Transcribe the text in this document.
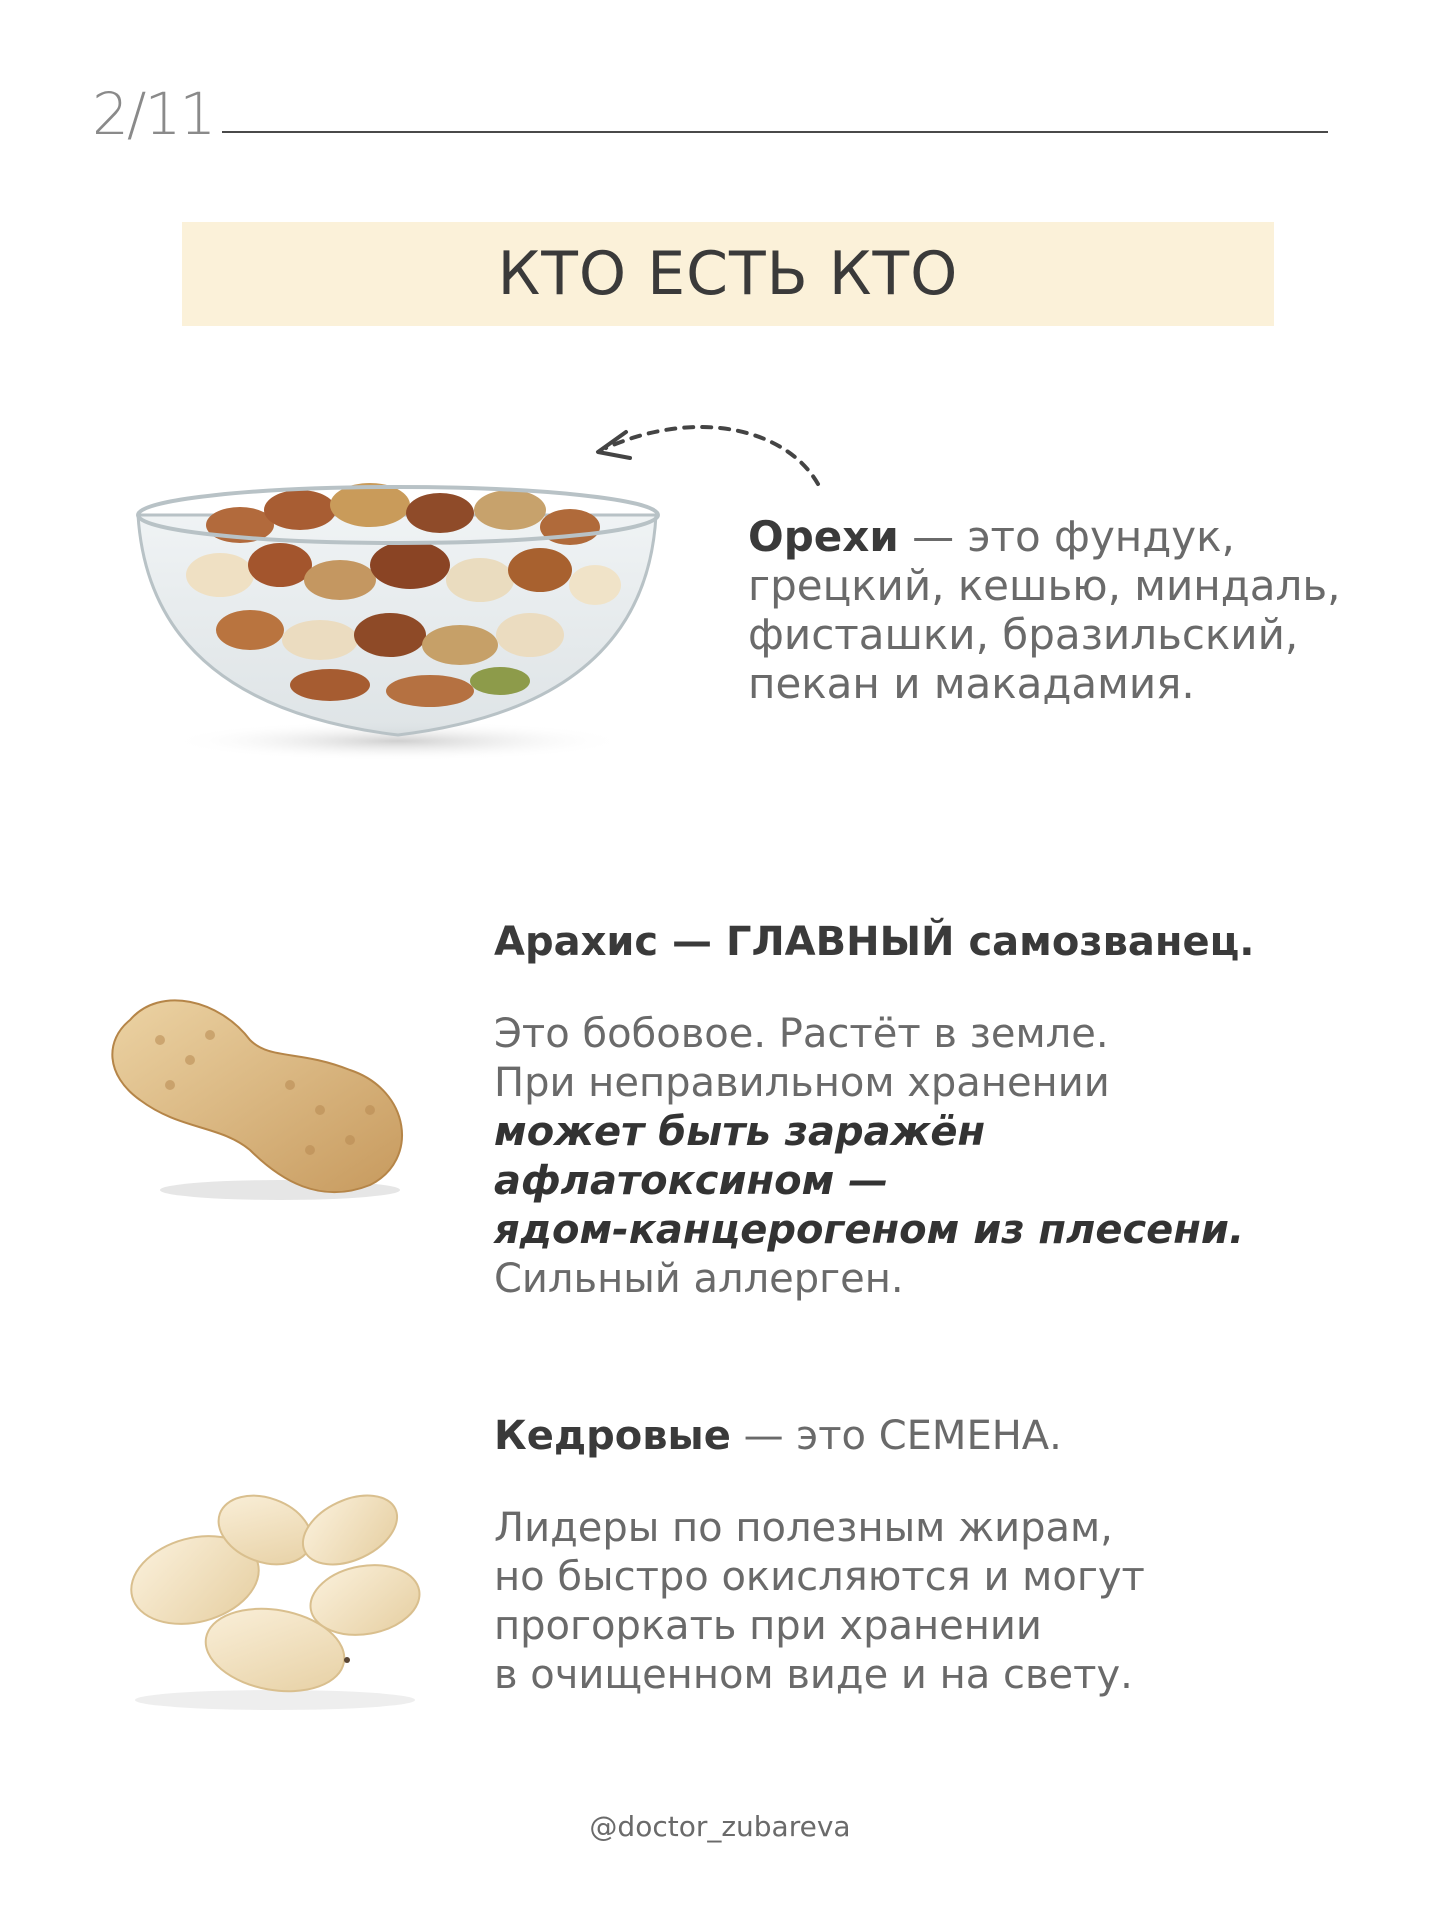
2/11
КТО ЕСТЬ КТО
Орехи — это фундук,
грецкий, кешью, миндаль,
фисташки, бразильский,
пекан и макадамия.
Арахис — ГЛАВНЫЙ самозванец.
Это бобовое. Растёт в земле.
При неправильном хранении
может быть заражён
афлатоксином —
ядом-канцерогеном из плесени.
Сильный аллерген.
Кедровые — это СЕМЕНА.
Лидеры по полезным жирам,
но быстро окисляются и могут
прогоркать при хранении
в очищенном виде и на свету.
@doctor_zubareva
